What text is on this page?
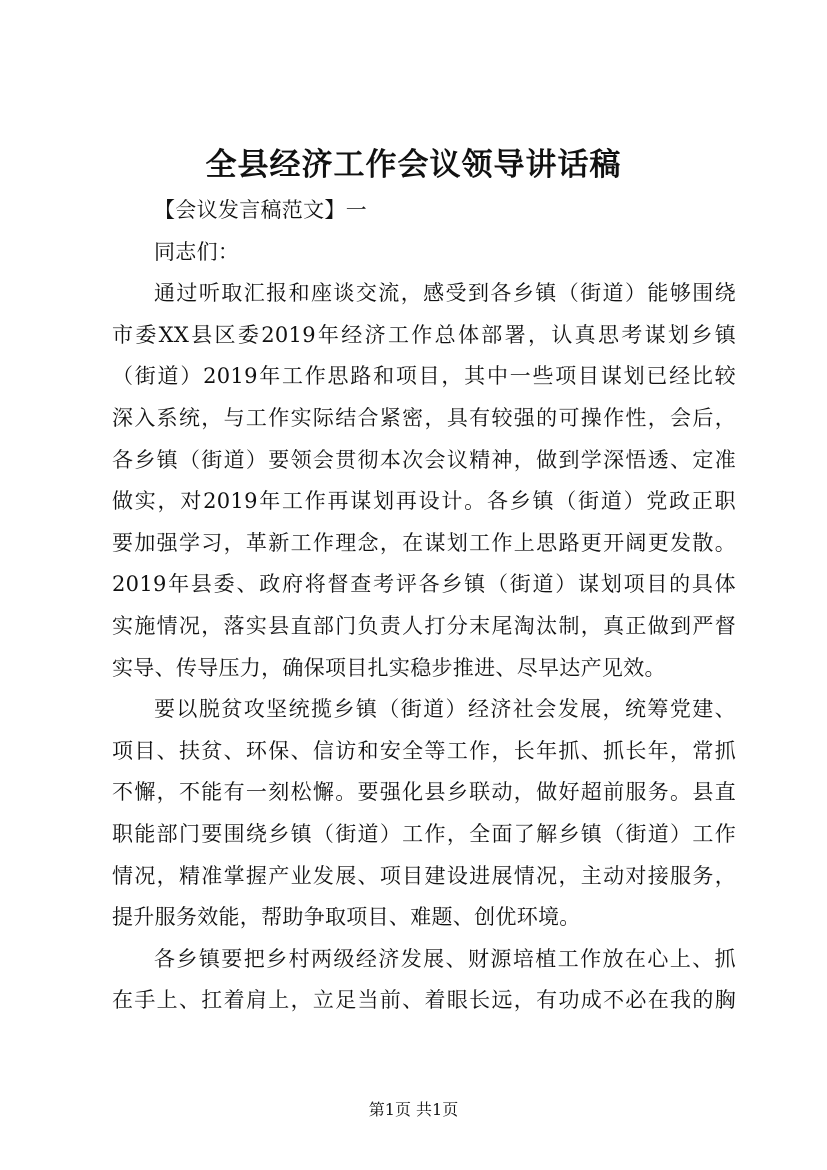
全县经济工作会议领导讲话稿
【会议发言稿范文】一
同志们：
通过听取汇报和座谈交流，感受到各乡镇（街道）能够围绕
市委XX县区委2019年经济工作总体部署，认真思考谋划乡镇
（街道）2019年工作思路和项目，其中一些项目谋划已经比较
深入系统，与工作实际结合紧密，具有较强的可操作性，会后，
各乡镇（街道）要领会贯彻本次会议精神，做到学深悟透、定准
做实，对2019年工作再谋划再设计。各乡镇（街道）党政正职
要加强学习，革新工作理念，在谋划工作上思路更开阔更发散。
2019年县委、政府将督查考评各乡镇（街道）谋划项目的具体
实施情况，落实县直部门负责人打分末尾淘汰制，真正做到严督
实导、传导压力，确保项目扎实稳步推进、尽早达产见效。
要以脱贫攻坚统揽乡镇（街道）经济社会发展，统筹党建、
项目、扶贫、环保、信访和安全等工作，长年抓、抓长年，常抓
不懈，不能有一刻松懈。要强化县乡联动，做好超前服务。县直
职能部门要围绕乡镇（街道）工作，全面了解乡镇（街道）工作
情况，精准掌握产业发展、项目建设进展情况，主动对接服务，
提升服务效能，帮助争取项目、难题、创优环境。
各乡镇要把乡村两级经济发展、财源培植工作放在心上、抓
在手上、扛着肩上，立足当前、着眼长远，有功成不必在我的胸
第1页 共1页
